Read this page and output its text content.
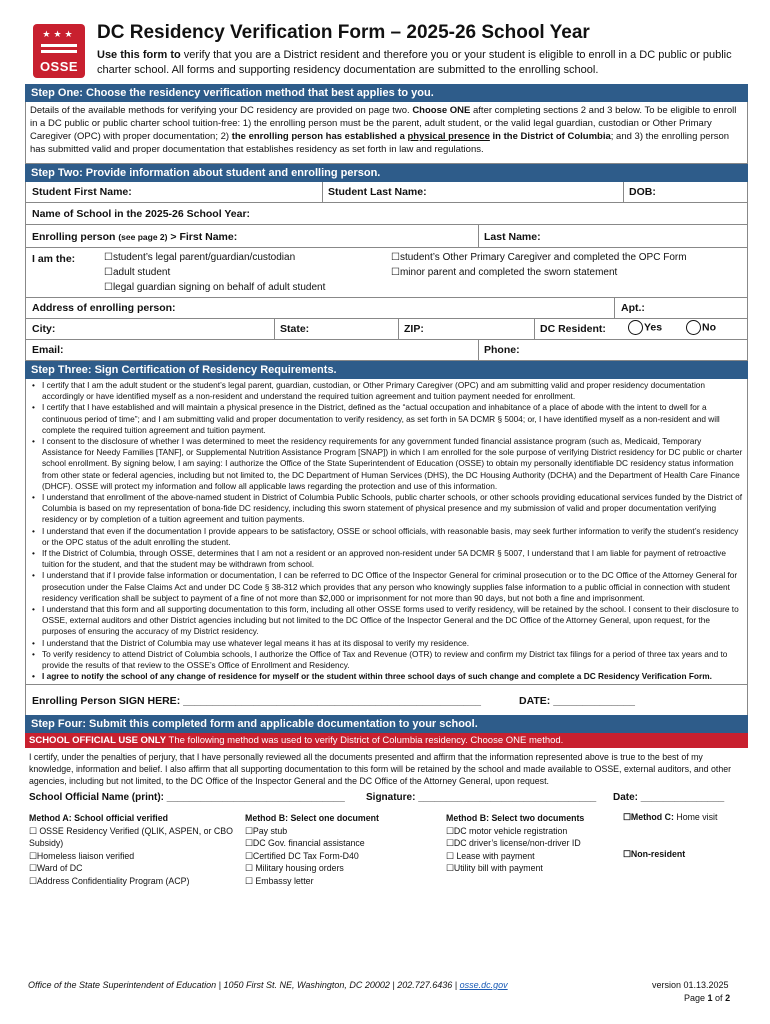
★★★
OSSE
DC Residency Verification Form – 2025-26 School Year
Use this form to verify that you are a District resident and therefore you or your student is eligible to enroll in a DC public or public charter school. All forms and supporting residency documentation are submitted to the enrolling school.
Step One: Choose the residency verification method that best applies to you.
Details of the available methods for verifying your DC residency are provided on page two. Choose ONE after completing sections 2 and 3 below. To be eligible to enroll in a DC public or public charter school tuition-free: 1) the enrolling person must be the parent, adult student, or the valid legal guardian, custodian or Other Primary Caregiver (OPC) with proper documentation; 2) the enrolling person has established a physical presence in the District of Columbia; and 3) the enrolling person has submitted valid and proper documentation that establishes residency as set forth in law and regulations.
Step Two: Provide information about student and enrolling person.
Student First Name:	Student Last Name:	DOB:
Name of School in the 2025-26 School Year:
Enrolling person (see page 2) > First Name:	Last Name:
I am the:	☐student’s legal parent/guardian/custodian
☐adult student
☐legal guardian signing on behalf of adult student
☐student’s Other Primary Caregiver and completed the OPC Form
☐minor parent and completed the sworn statement
Address of enrolling person:	Apt.:
City:	State:	ZIP:	DC Resident:	Yes	No
Email:	Phone:
Step Three: Sign Certification of Residency Requirements.
• I certify that I am the adult student or the student’s legal parent, guardian, custodian, or Other Primary Caregiver (OPC) and am submitting valid and proper residency documentation accordingly or have identified myself as a non-resident and understand the required tuition agreement and tuition payment needed for enrollment.
• I certify that I have established and will maintain a physical presence in the District, defined as the “actual occupation and inhabitance of a place of abode with the intent to dwell for a continuous period of time”; and I am submitting valid and proper documentation to verify residency, as set forth in 5A DCMR § 5004; or, I have identified myself as a non-resident and will complete the required tuition agreement and tuition payment.
• I consent to the disclosure of whether I was determined to meet the residency requirements for any government funded financial assistance program (such as, Medicaid, Temporary Assistance for Needy Families [TANF], or Supplemental Nutrition Assistance Program [SNAP]) in which I am enrolled for the sole purpose of verifying District residency for DC public or charter school enrollment. By signing below, I am saying: I authorize the Office of the State Superintendent of Education (OSSE) to obtain my personally identifiable DC residency status information from other state or federal agencies, including but not limited to, the DC Department of Human Services (DHS), the DC Housing Authority (DCHA) and the Department of Health Care Finance (DHCF). OSSE will protect my information and follow all applicable laws regarding the protection and use of this information.
• I understand that enrollment of the above-named student in District of Columbia Public Schools, public charter schools, or other schools providing educational services funded by the District of Columbia is based on my representation of bona-fide DC residency, including this sworn statement of physical presence and my submission of valid and proper documentation verifying residency or by completion of a tuition agreement and tuition payments.
• I understand that even if the documentation I provide appears to be satisfactory, OSSE or school officials, with reasonable basis, may seek further information to verify the student’s residency or the OPC status of the adult enrolling the student.
• If the District of Columbia, through OSSE, determines that I am not a resident or an approved non-resident under 5A DCMR § 5007, I understand that I am liable for payment of retroactive tuition for the student, and that the student may be withdrawn from school.
• I understand that if I provide false information or documentation, I can be referred to DC Office of the Inspector General for criminal prosecution or to the DC Office of the Attorney General for prosecution under the False Claims Act and under DC Code § 38-312 which provides that any person who knowingly supplies false information to a public official in connection with student residency verification shall be subject to payment of a fine of not more than $2,000 or imprisonment for not more than 90 days, but not both a fine and imprisonment.
• I understand that this form and all supporting documentation to this form, including all other OSSE forms used to verify residency, will be retained by the school. I consent to their disclosure to OSSE, external auditors and other District agencies including but not limited to the DC Office of the Inspector General and the DC Office of the Attorney General, upon request, for the purposes of ensuring the accuracy of my District residency.
• I understand that the District of Columbia may use whatever legal means it has at its disposal to verify my residence.
• To verify residency to attend District of Columbia schools, I authorize the Office of Tax and Revenue (OTR) to review and confirm my District tax filings for a period of three tax years and to provide the results of that review to the OSSE’s Office of Enrollment and Residency.
• I agree to notify the school of any change of residence for myself or the student within three school days of such change and complete a DC Residency Verification Form.
Enrolling Person SIGN HERE: ___________________________________________________	DATE: ______________
Step Four: Submit this completed form and applicable documentation to your school.
SCHOOL OFFICIAL USE ONLY The following method was used to verify District of Columbia residency. Choose ONE method.
I certify, under the penalties of perjury, that I have personally reviewed all the documents presented and affirm that the information represented above is true to the best of my knowledge, information and belief. I also affirm that all supporting documentation to this form will be retained by the school and made available to OSSE, external auditors, and other agencies, including but not limited, to the DC Office of the Inspector General and the DC Office of the Attorney General, upon request.
School Official Name (print): ________________________________ Signature: ________________________________ Date: _______________
Method A: School official verified
☐ OSSE Residency Verified (QLIK, ASPEN, or CBO Subsidy)
☐Homeless liaison verified
☐Ward of DC
☐Address Confidentiality Program (ACP)
Method B: Select one document
☐Pay stub
☐DC Gov. financial assistance
☐Certified DC Tax Form-D40
☐ Military housing orders
☐ Embassy letter
Method B: Select two documents
☐DC motor vehicle registration
☐DC driver’s license/non-driver ID
☐ Lease with payment
☐Utility bill with payment
☐Method C: Home visit
☐Non-resident
Office of the State Superintendent of Education | 1050 First St. NE, Washington, DC 20002 | 202.727.6436 | osse.dc.gov	version 01.13.2025
Page 1 of 2
